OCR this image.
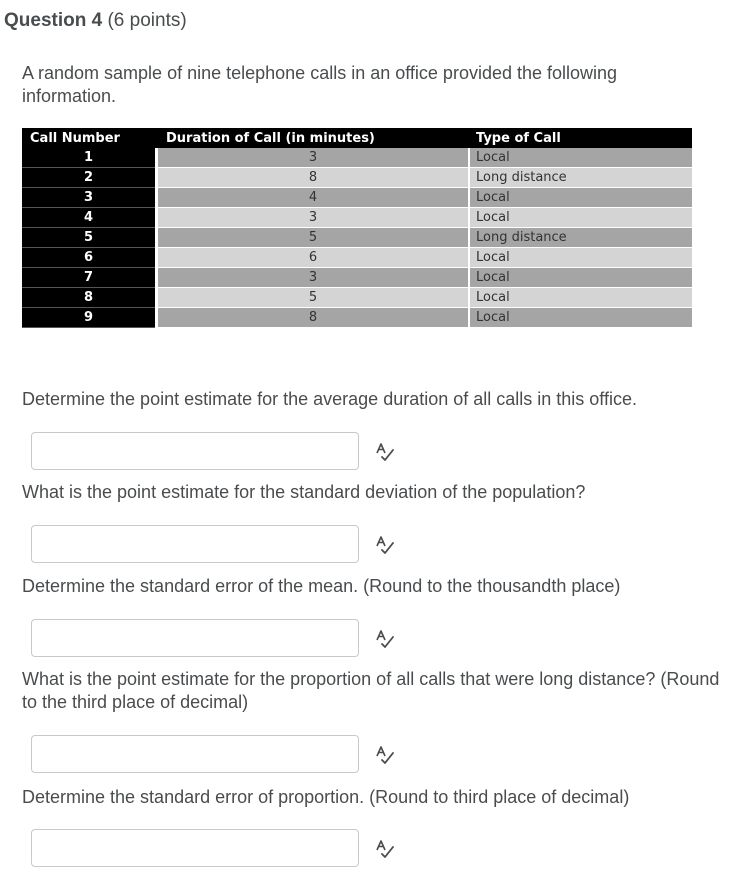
Question 4 (6 points)
A random sample of nine telephone calls in an office provided the following information.
Call Number		Duration of Call (in minutes)	Type of Call
1		3	Local
2		8	Long distance
3		4	Local
4		3	Local
5		5	Long distance
6		6	Local
7		3	Local
8		5	Local
9		8	Local
Determine the point estimate for the average duration of all calls in this office.
What is the point estimate for the standard deviation of the population?
Determine the standard error of the mean. (Round to the thousandth place)
What is the point estimate for the proportion of all calls that were long distance? (Round to the third place of decimal)
Determine the standard error of proportion. (Round to third place of decimal)
